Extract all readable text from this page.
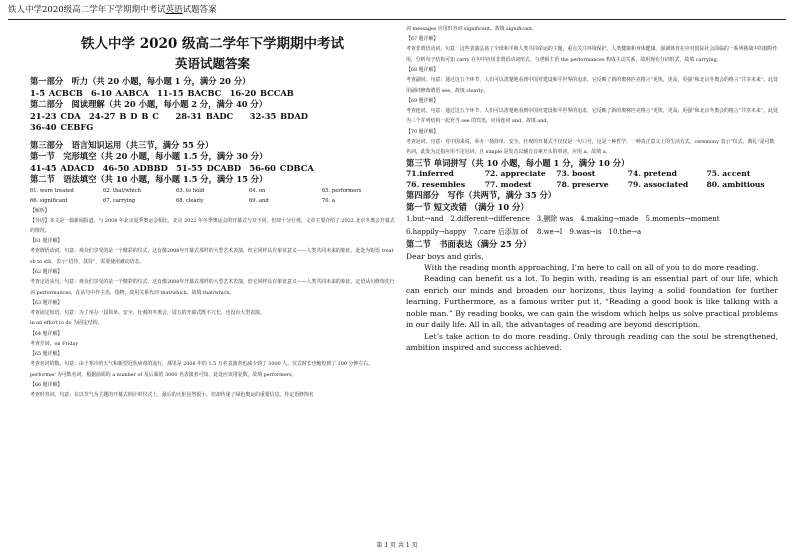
铁人中学2020级高二学年下学期期中考试英语试题答案
铁人中学 2020 级高二学年下学期期中考试
英语试题答案
第一部分　听力（共 20 小题，每小题 1 分，满分 20 分）
1-5 ACBCB　6-10 AABCA　11-15 BACBC　16-20 BCCAB
第二部分　阅读理解（共 20 小题，每小题 2 分，满分 40 分）
21-23 CDA　24-27 B D B C　　28-31 BADC　　32-35 BDAD
36-40 CEBFG
第三部分　语言知识运用（共三节，满分 55 分）
第一节　完形填空（共 20 小题，每小题 1.5 分，满分 30 分）
41-45 ADACD　46-50 ADBBD　51-55 DCABD　56-60 CDBCA
第二节　语法填空（共 10 小题，每小题 1.5 分，满分 15 分）
61. were treated	62. that/which	63. to hold	64. on	65. performers
66. significant	67. carrying	68. clearly	69. and	70. a
【解析】
【导语】本文是一篇新闻报道。与 2008 年北京夏季奥运会相比，北京 2022 年冬季奥运会的开幕式与众不同，但却十分壮观，文章主要介绍了 2022 北京冬奥会开幕式的情况。
【61 题详解】
考查谓语动词。句意：观众们享受的是一个精彩的仪式，这有像2008年开幕式那样的大型艺术表演，但它同样具有象征意义——人类共同未来的象征。此处为短语 treat sb to sth，表示“招待，款待”，需要使用被动语态。
【62 题详解】
考查定语从句。句意：观众们享受的是一个精彩的仪式，这有像2008年开幕式那样的大型艺术表演，但它同样具有象征意义——人类共同未来的象征。定语从句修饰先行词 performances，在从句中作主语，指物，故用关系代词 that/which。故填 that/which。
【63 题详解】
考查固定短语。句意：为了举办一届简单、安全、壮观的冬奥会，周五的开幕式既不冗长，也没有大型表演。
in an effort to do 为固定结构。
【64 题详解】
考查介词。on Friday
【65 题详解】
考查名词的数。句意：由于寒冷的天气和新型冠状病毒的流行，那里是 2008 年的 1.5 万名表演者也减少到了 3000 人。仪式时长也缩短到了 100 分钟左右。performer 为可数名词，根据前面的 a number of 及后面的 3000 名表演者可知，此处应该用复数。故填 performers。
【66 题详解】
考查形容词。句意：在以节气为主题的开幕式倒计时仪式上，最后的火炬虽然很小，但却传递了绿色奥运的重要信息。作定语修饰名
词 messages 应用形容词 significant。故填 significant。
【67 题详解】
考查非谓语动词。句意：这些表演弘扬了全球和平和人类共同命运的主题，重点关注环境保护、人类健康和身体健康。强调体育在应对国际社会面临的一系列挑战中的独特作用，分析句子结构可知 carry 在句中应用非谓语动词形式，与逻辑主语 the performances 构成主动关系，故用现在分词形式，故填 carrying。
【68 题详解】
考查副词。句意：通过这五个环节，人们可以清楚地看到中国对建设和平世界的追求，它反映了新的奥林匹克格言“更快，更高，更强”和北京冬奥会的格言“共享未来”。此处用副词修饰谓语 see，故填 clearly。
【69 题详解】
考查连词。句意：通过这五个环节，人们可以清楚地看到中国对建设和平世界的追求，它反映了新的奥林匹克格言“更快，更高，更强”和北京冬奥会的格言“共享未来”。此处为三个并列结构一起充当 see 的宾语，应用连词 and。故填 and。
【70 题详解】
考查冠词。句意：对中国来说，举办一场简单、安全、壮观的开幕式不仅仅是一句口号，这是一种哲学，一种真正意义上的生活方式。ceremony 表示“仪式，典礼”是可数名词，此处为泛指应用不定冠词，且 simple 是发音以辅音音素开头的单词，应用 a。故填 a。
第三节 单词拼写（共 10 小题，每小题 1 分，满分 10 分）
71.inferred	72. appreciate	73. boost	74. pretend	75. accent
76. resembles	77. modest	78. preserve	79. associated	80. ambitious
第四部分　写作（共两节，满分 35 分）
第一节 短文改错 （满分 10 分）
1.but→and　2.different→difference　3.删除 was　4.making→made　5.moments→moment
6.happily→happy　7.care 后添加 of　 8.we→I　9.was→is　10.the→a
第二节　书面表达（满分 25 分）

Dear boys and girls,

With the reading month approaching, I’m here to call on all of you to do more reading.

Reading can benefit us a lot. To begin with, reading is an essential part of our life, which can enrich our minds and broaden our horizons, thus laying a solid foundation for further learning. Furthermore, as a famous writer put it, “Reading a good book is like talking with a noble man.” By reading books, we can gain the wisdom which helps us solve practical problems in our daily life. All in all, the advantages of reading are beyond description.

Let’s take action to do more reading. Only through reading can the soul be strengthened, ambition inspired and success achieved.

第 1 页 共 1 页
